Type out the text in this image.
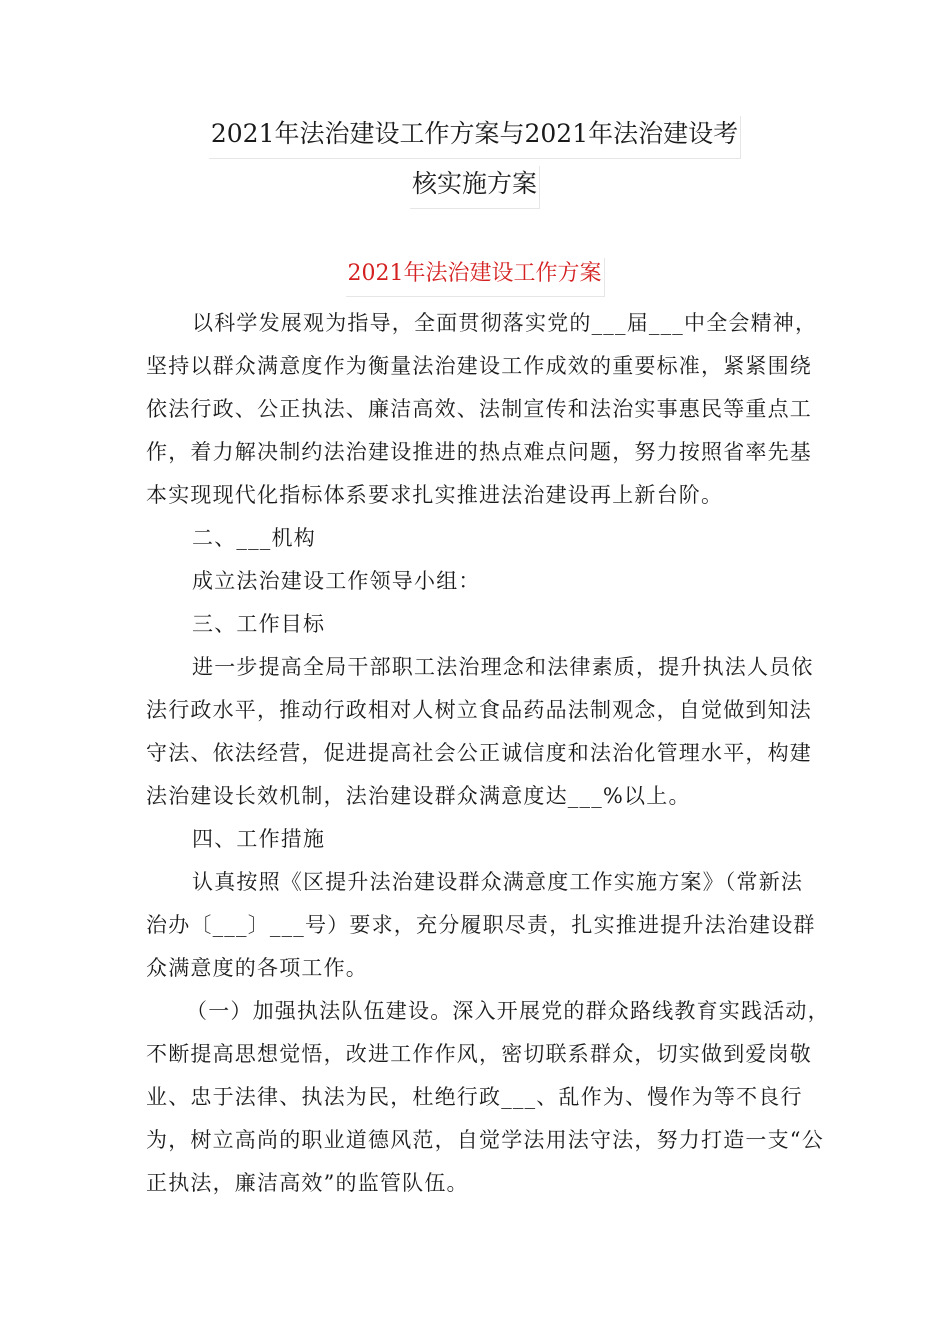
2021年法治建设工作方案与2021年法治建设考
核实施方案
2021年法治建设工作方案
以科学发展观为指导，全面贯彻落实党的___届___中全会精神，
坚持以群众满意度作为衡量法治建设工作成效的重要标准，紧紧围绕
依法行政、公正执法、廉洁高效、法制宣传和法治实事惠民等重点工
作，着力解决制约法治建设推进的热点难点问题，努力按照省率先基
本实现现代化指标体系要求扎实推进法治建设再上新台阶。
二、___机构
成立法治建设工作领导小组：
三、工作目标
进一步提高全局干部职工法治理念和法律素质，提升执法人员依
法行政水平，推动行政相对人树立食品药品法制观念，自觉做到知法
守法、依法经营，促进提高社会公正诚信度和法治化管理水平，构建
法治建设长效机制，法治建设群众满意度达___%以上。
四、工作措施
认真按照《区提升法治建设群众满意度工作实施方案》（常新法
治办〔___〕___号）要求，充分履职尽责，扎实推进提升法治建设群
众满意度的各项工作。
（一）加强执法队伍建设。深入开展党的群众路线教育实践活动，
不断提高思想觉悟，改进工作作风，密切联系群众，切实做到爱岗敬
业、忠于法律、执法为民，杜绝行政___、乱作为、慢作为等不良行
为，树立高尚的职业道德风范，自觉学法用法守法，努力打造一支“公
正执法，廉洁高效”的监管队伍。
